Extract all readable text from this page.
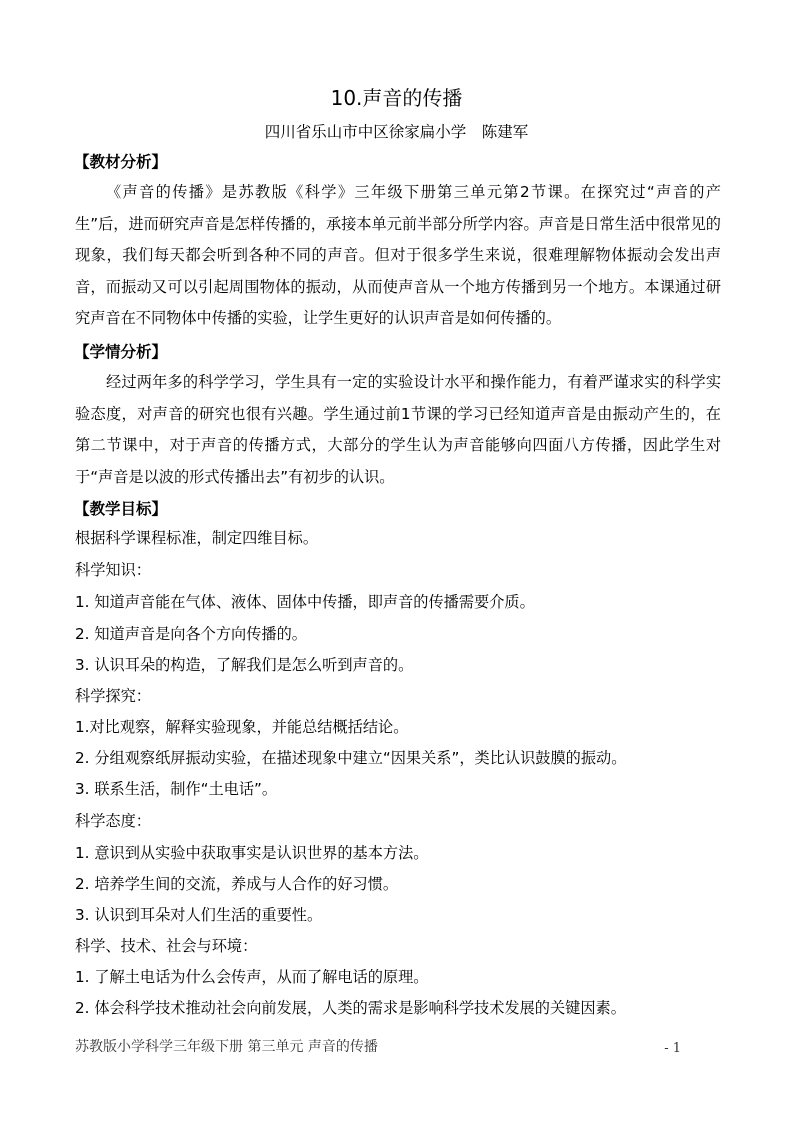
10.声音的传播
四川省乐山市中区徐家扁小学　陈建军
【教材分析】
《声音的传播》是苏教版《科学》三年级下册第三单元第2节课。在探究过“声音的产生”后，进而研究声音是怎样传播的，承接本单元前半部分所学内容。声音是日常生活中很常见的现象，我们每天都会听到各种不同的声音。但对于很多学生来说，很难理解物体振动会发出声音，而振动又可以引起周围物体的振动，从而使声音从一个地方传播到另一个地方。本课通过研究声音在不同物体中传播的实验，让学生更好的认识声音是如何传播的。
【学情分析】
经过两年多的科学学习，学生具有一定的实验设计水平和操作能力，有着严谨求实的科学实验态度，对声音的研究也很有兴趣。学生通过前1节课的学习已经知道声音是由振动产生的，在第二节课中，对于声音的传播方式，大部分的学生认为声音能够向四面八方传播，因此学生对于“声音是以波的形式传播出去”有初步的认识。
【教学目标】
根据科学课程标准，制定四维目标。
科学知识：
1. 知道声音能在气体、液体、固体中传播，即声音的传播需要介质。
2. 知道声音是向各个方向传播的。
3. 认识耳朵的构造，了解我们是怎么听到声音的。
科学探究：
1.对比观察，解释实验现象，并能总结概括结论。
2. 分组观察纸屏振动实验，在描述现象中建立“因果关系”，类比认识鼓膜的振动。
3. 联系生活，制作“土电话”。
科学态度：
1. 意识到从实验中获取事实是认识世界的基本方法。
2. 培养学生间的交流，养成与人合作的好习惯。
3. 认识到耳朵对人们生活的重要性。
科学、技术、社会与环境：
1. 了解土电话为什么会传声，从而了解电话的原理。
2. 体会科学技术推动社会向前发展，人类的需求是影响科学技术发展的关键因素。
苏教版小学科学三年级下册 第三单元 声音的传播	- 1
